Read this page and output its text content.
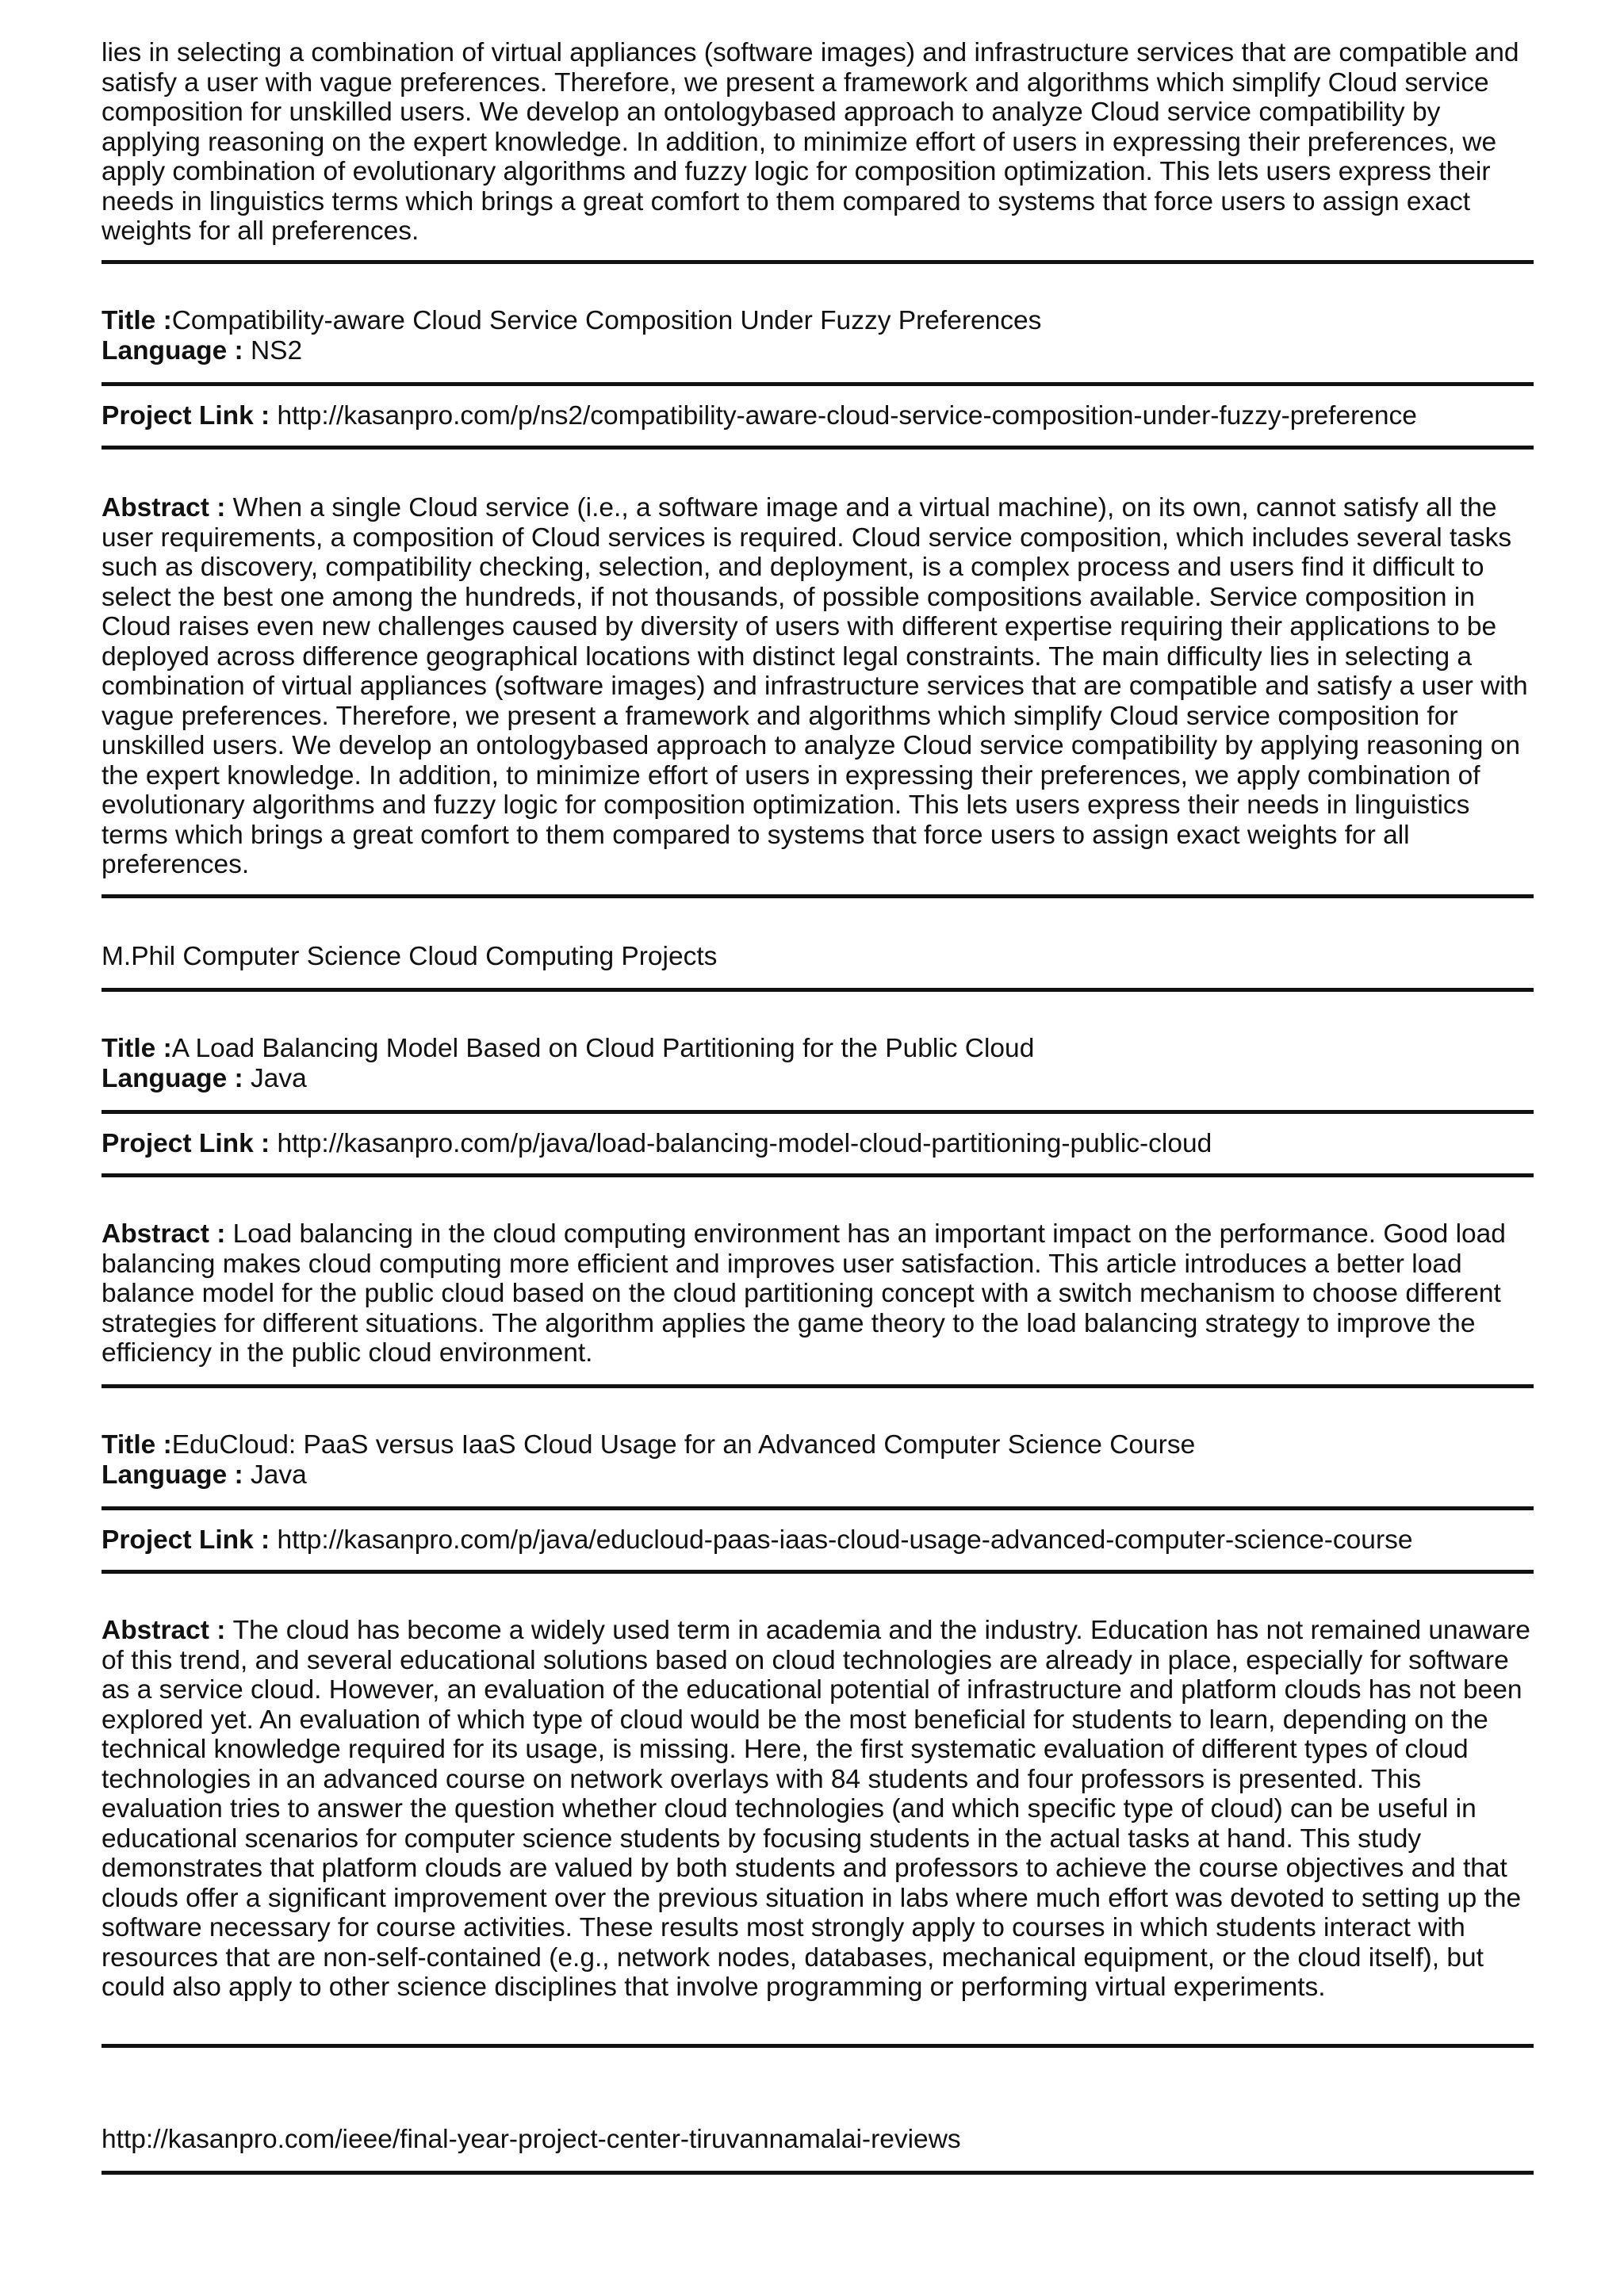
lies in selecting a combination of virtual appliances (software images) and infrastructure services that are compatible and satisfy a user with vague preferences. Therefore, we present a framework and algorithms which simplify Cloud service composition for unskilled users. We develop an ontologybased approach to analyze Cloud service compatibility by applying reasoning on the expert knowledge. In addition, to minimize effort of users in expressing their preferences, we apply combination of evolutionary algorithms and fuzzy logic for composition optimization. This lets users express their needs in linguistics terms which brings a great comfort to them compared to systems that force users to assign exact weights for all preferences.

Title :Compatibility-aware Cloud Service Composition Under Fuzzy Preferences

Language : NS2

Project Link : http://kasanpro.com/p/ns2/compatibility-aware-cloud-service-composition-under-fuzzy-preference

Abstract : When a single Cloud service (i.e., a software image and a virtual machine), on its own, cannot satisfy all the user requirements, a composition of Cloud services is required. Cloud service composition, which includes several tasks such as discovery, compatibility checking, selection, and deployment, is a complex process and users find it difficult to select the best one among the hundreds, if not thousands, of possible compositions available. Service composition in Cloud raises even new challenges caused by diversity of users with different expertise requiring their applications to be deployed across difference geographical locations with distinct legal constraints. The main difficulty lies in selecting a combination of virtual appliances (software images) and infrastructure services that are compatible and satisfy a user with vague preferences. Therefore, we present a framework and algorithms which simplify Cloud service composition for unskilled users. We develop an ontologybased approach to analyze Cloud service compatibility by applying reasoning on the expert knowledge. In addition, to minimize effort of users in expressing their preferences, we apply combination of evolutionary algorithms and fuzzy logic for composition optimization. This lets users express their needs in linguistics terms which brings a great comfort to them compared to systems that force users to assign exact weights for all preferences.

M.Phil Computer Science Cloud Computing Projects

Title :A Load Balancing Model Based on Cloud Partitioning for the Public Cloud

Language : Java

Project Link : http://kasanpro.com/p/java/load-balancing-model-cloud-partitioning-public-cloud

Abstract : Load balancing in the cloud computing environment has an important impact on the performance. Good load balancing makes cloud computing more efficient and improves user satisfaction. This article introduces a better load balance model for the public cloud based on the cloud partitioning concept with a switch mechanism to choose different strategies for different situations. The algorithm applies the game theory to the load balancing strategy to improve the efficiency in the public cloud environment.

Title :EduCloud: PaaS versus IaaS Cloud Usage for an Advanced Computer Science Course

Language : Java

Project Link : http://kasanpro.com/p/java/educloud-paas-iaas-cloud-usage-advanced-computer-science-course

Abstract : The cloud has become a widely used term in academia and the industry. Education has not remained unaware of this trend, and several educational solutions based on cloud technologies are already in place, especially for software as a service cloud. However, an evaluation of the educational potential of infrastructure and platform clouds has not been explored yet. An evaluation of which type of cloud would be the most beneficial for students to learn, depending on the technical knowledge required for its usage, is missing. Here, the first systematic evaluation of different types of cloud technologies in an advanced course on network overlays with 84 students and four professors is presented. This evaluation tries to answer the question whether cloud technologies (and which specific type of cloud) can be useful in educational scenarios for computer science students by focusing students in the actual tasks at hand. This study demonstrates that platform clouds are valued by both students and professors to achieve the course objectives and that clouds offer a significant improvement over the previous situation in labs where much effort was devoted to setting up the software necessary for course activities. These results most strongly apply to courses in which students interact with resources that are non-self-contained (e.g., network nodes, databases, mechanical equipment, or the cloud itself), but could also apply to other science disciplines that involve programming or performing virtual experiments.

http://kasanpro.com/ieee/final-year-project-center-tiruvannamalai-reviews
